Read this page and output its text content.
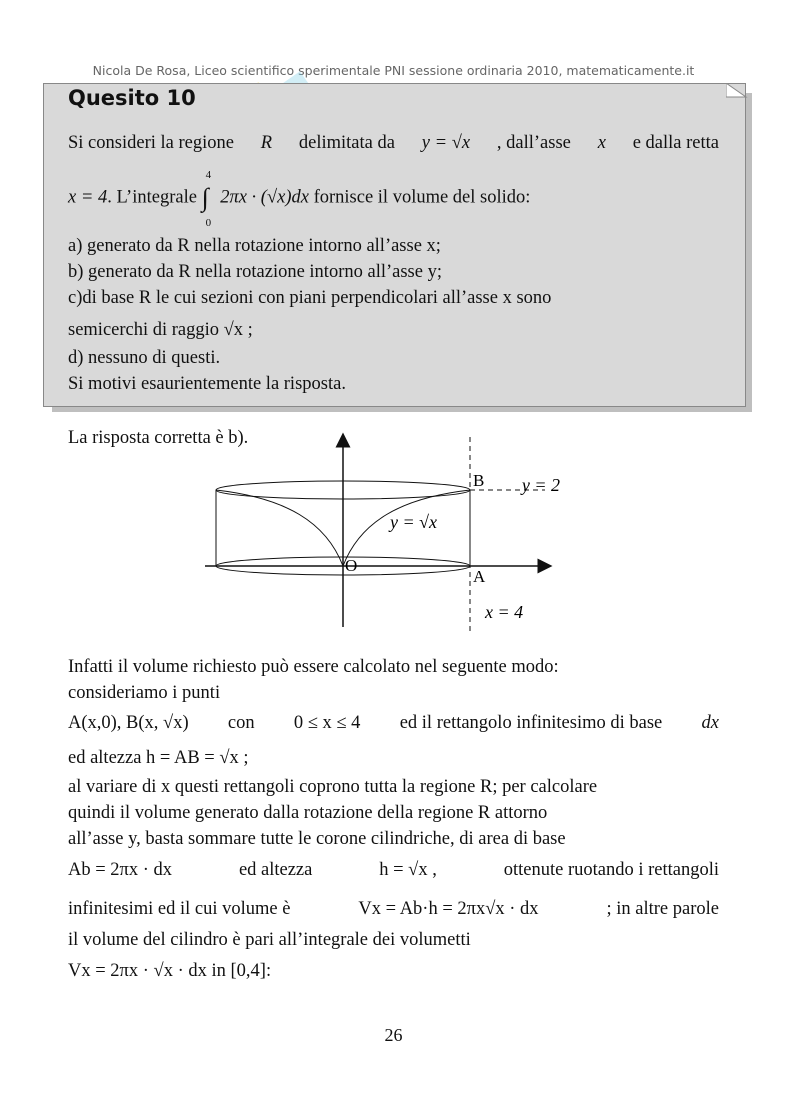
Nicola De Rosa, Liceo scientifico sperimentale PNI sessione ordinaria 2010, matematicamente.it
Quesito 10
Si consideri la regione R delimitata da y = √x , dall’asse x e dalla retta
x = 4. L’integrale ∫
4
0
2πx · (√x)dx fornisce il volume del solido:
a) generato da R nella rotazione intorno all’asse x;
b) generato da R nella rotazione intorno all’asse y;
c)di base R le cui sezioni con piani perpendicolari all’asse x sono
semicerchi di raggio √x ;
d) nessuno di questi.
Si motivi esaurientemente la risposta.
La risposta corretta è b).
B
A
O
y = 2
y = √x
x = 4
Infatti il volume richiesto può essere calcolato nel seguente modo:
consideriamo i punti
A(x,0), B(x, √x) con 0 ≤ x ≤ 4 ed il rettangolo infinitesimo di base dx
ed altezza h = AB = √x ;
al variare di x questi rettangoli coprono tutta la regione R; per calcolare
quindi il volume generato dalla rotazione della regione R attorno
all’asse y, basta sommare tutte le corone cilindriche, di area di base
Ab = 2πx · dx	ed altezza	h = √x ,	ottenute ruotando i rettangoli
infinitesimi ed il cui volume è	Vx = Ab·h = 2πx√x · dx	; in altre parole
il volume del cilindro è pari all’integrale dei volumetti
Vx = 2πx · √x · dx in [0,4]:
26
